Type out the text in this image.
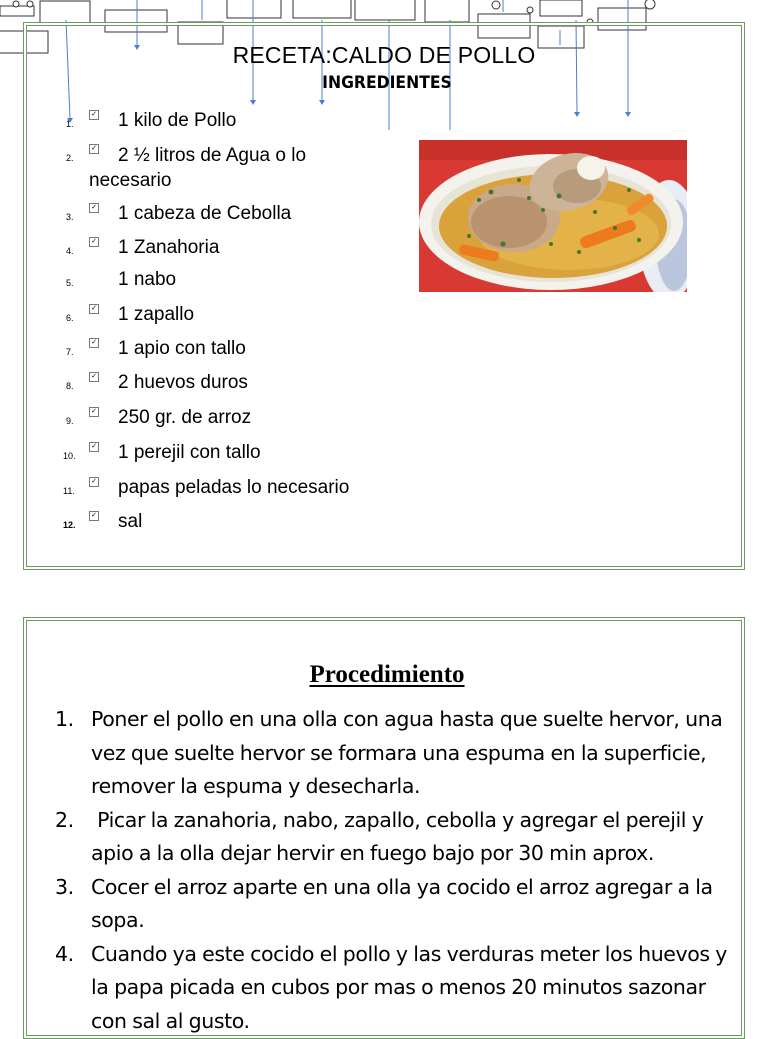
RECETA:CALDO DE POLLO
INGREDIENTES
1.
✓ 1 kilo de Pollo
2.
✓	2 ½ litros de Agua o lo necesario
3.
✓ 1 cabeza de Cebolla
4.
✓ 1 Zanahoria
5.	1 nabo
6.
✓ 1 zapallo
7.
✓ 1 apio con tallo
8.
✓ 2 huevos duros
9.
✓ 250 gr. de arroz
10.
✓ 1 perejil con tallo
11.
✓ papas peladas lo necesario
12.
✓ sal
Procedimiento
1. Poner el pollo en una olla con agua hasta que suelte hervor, una vez que suelte hervor se formara una espuma en la superficie, remover la espuma y desecharla.
2. Picar la zanahoria, nabo, zapallo, cebolla y agregar el perejil y apio a la olla dejar hervir en fuego bajo por 30 min aprox.
3. Cocer el arroz aparte en una olla ya cocido el arroz agregar a la sopa.
4. Cuando ya este cocido el pollo y las verduras meter los huevos y la papa picada en cubos por mas o menos 20 minutos sazonar con sal al gusto.
